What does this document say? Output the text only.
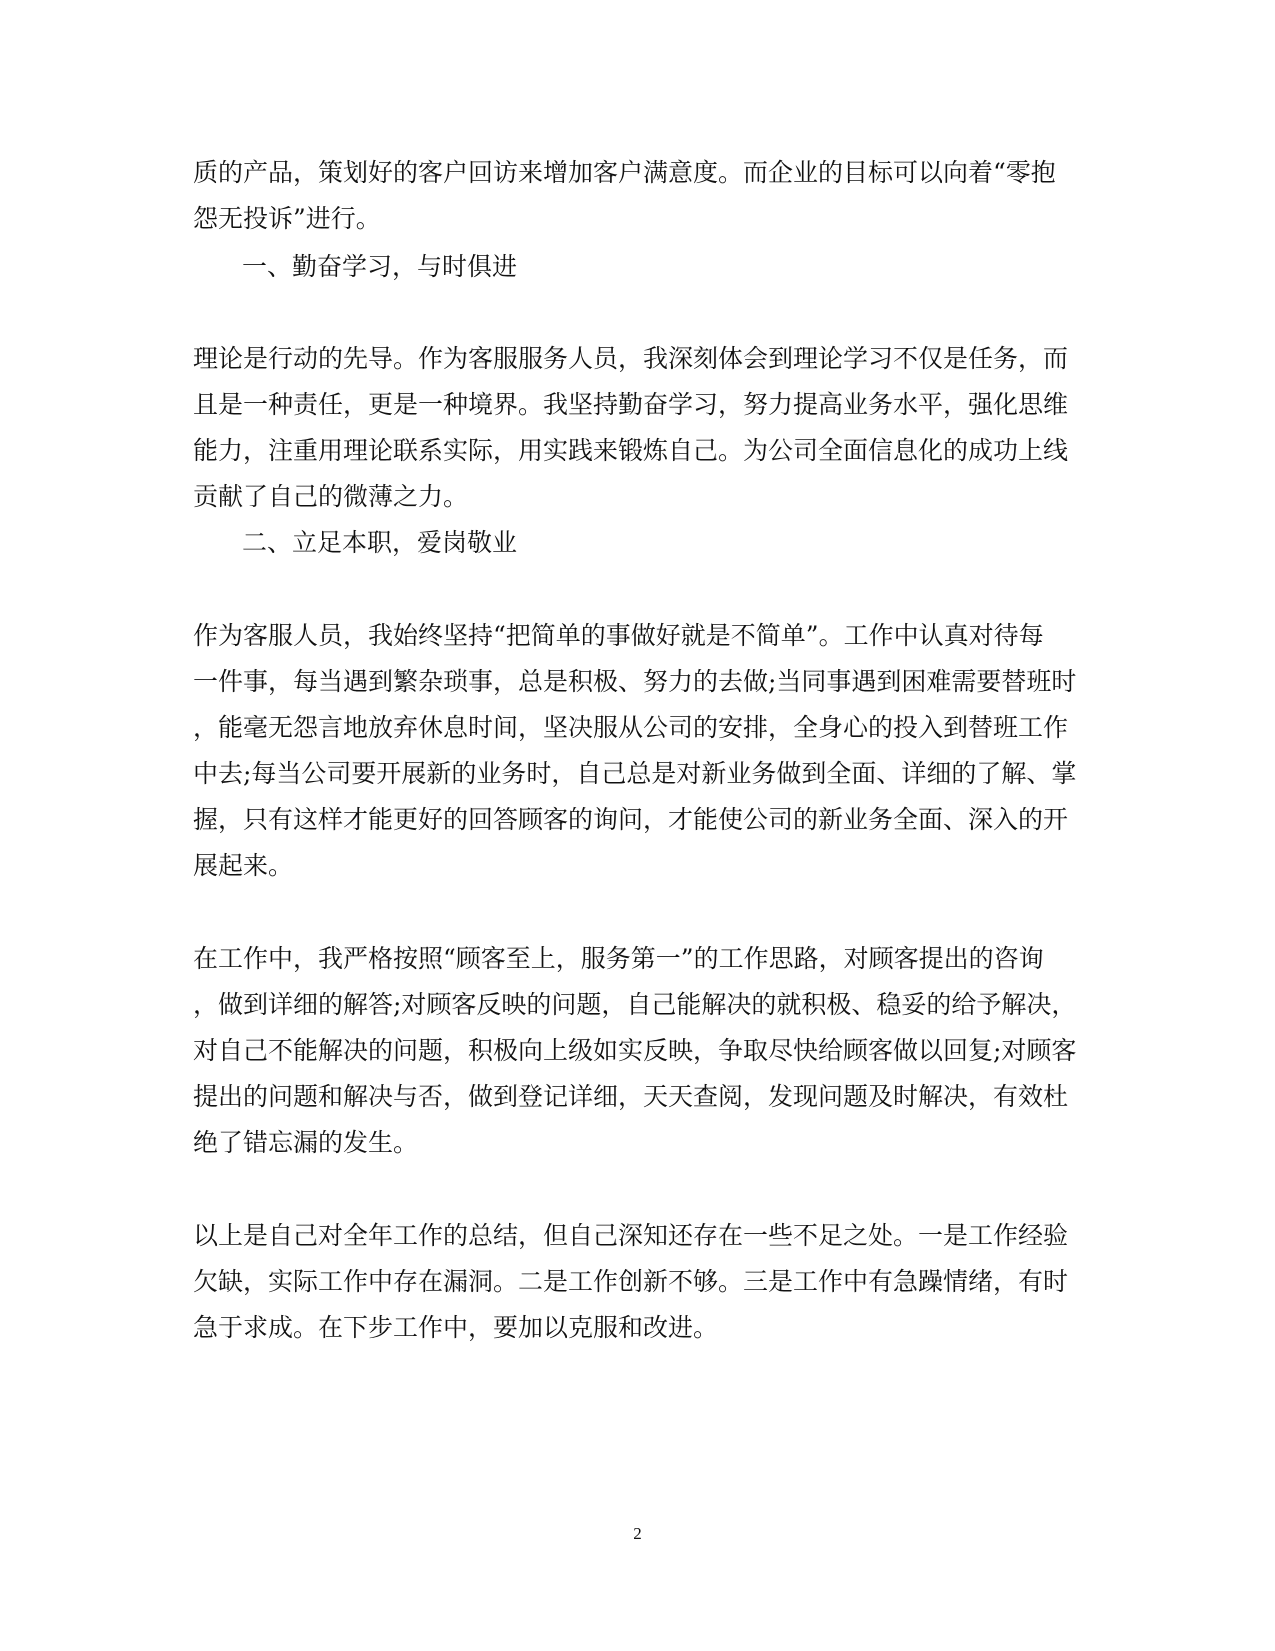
质的产品，策划好的客户回访来增加客户满意度。而企业的目标可以向着“零抱

怨无投诉”进行。

一、勤奋学习，与时俱进

理论是行动的先导。作为客服服务人员，我深刻体会到理论学习不仅是任务，而

且是一种责任，更是一种境界。我坚持勤奋学习，努力提高业务水平，强化思维

能力，注重用理论联系实际，用实践来锻炼自己。为公司全面信息化的成功上线

贡献了自己的微薄之力。

二、立足本职，爱岗敬业

作为客服人员，我始终坚持“把简单的事做好就是不简单”。工作中认真对待每

一件事，每当遇到繁杂琐事，总是积极、努力的去做;当同事遇到困难需要替班时

，能毫无怨言地放弃休息时间，坚决服从公司的安排，全身心的投入到替班工作

中去;每当公司要开展新的业务时，自己总是对新业务做到全面、详细的了解、掌

握，只有这样才能更好的回答顾客的询问，才能使公司的新业务全面、深入的开

展起来。

在工作中，我严格按照“顾客至上，服务第一”的工作思路，对顾客提出的咨询

，做到详细的解答;对顾客反映的问题，自己能解决的就积极、稳妥的给予解决，

对自己不能解决的问题，积极向上级如实反映，争取尽快给顾客做以回复;对顾客

提出的问题和解决与否，做到登记详细，天天查阅，发现问题及时解决，有效杜

绝了错忘漏的发生。

以上是自己对全年工作的总结，但自己深知还存在一些不足之处。一是工作经验

欠缺，实际工作中存在漏洞。二是工作创新不够。三是工作中有急躁情绪，有时

急于求成。在下步工作中，要加以克服和改进。

2
